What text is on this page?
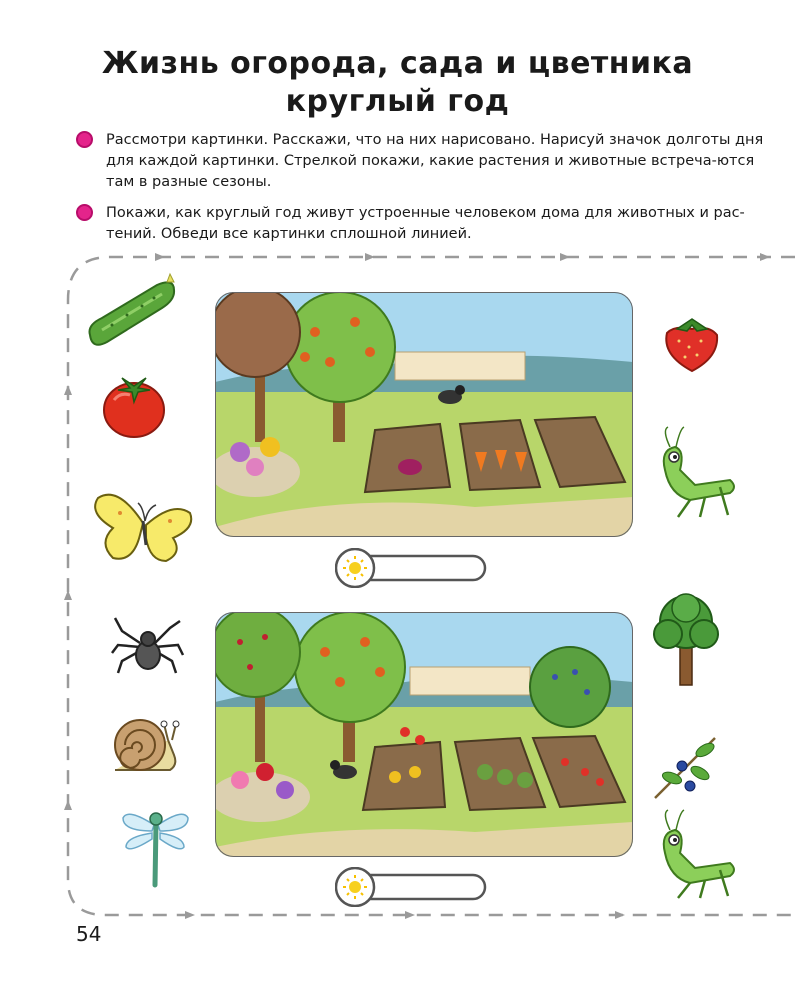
Жизнь огорода, сада и цветника
круглый год
Рассмотри картинки. Расскажи, что на них нарисовано. Нарисуй значок долготы дня для каждой картинки. Стрелкой покажи, какие растения и животные встреча-ются там в разные сезоны.
Покажи, как круглый год живут устроенные человеком дома для животных и рас-тений. Обведи все картинки сплошной линией.
54
